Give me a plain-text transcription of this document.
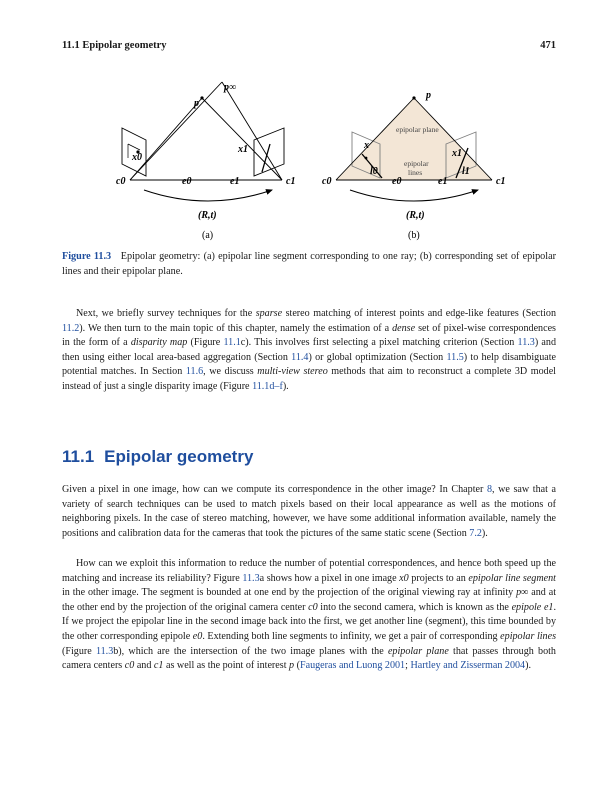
11.1 Epipolar geometry	471
p∞
p
x0
x1
c0	e0	e1	c1
(R,t)
(a)
p
epipolar plane
epipolar
lines
x
l0
x1
l1
c0	e0	e1	c1
(R,t)
(b)
Figure 11.3 Epipolar geometry: (a) epipolar line segment corresponding to one ray; (b) corresponding set of epipolar lines and their epipolar plane.

Next, we briefly survey techniques for the sparse stereo matching of interest points and edge-like features (Section 11.2). We then turn to the main topic of this chapter, namely the estimation of a dense set of pixel-wise correspondences in the form of a disparity map (Figure 11.1c). This involves first selecting a pixel matching criterion (Section 11.3) and then using either local area-based aggregation (Section 11.4) or global optimization (Section 11.5) to help disambiguate potential matches. In Section 11.6, we discuss multi-view stereo methods that aim to reconstruct a complete 3D model instead of just a single disparity image (Figure 11.1d–f).

11.1 Epipolar geometry

Given a pixel in one image, how can we compute its correspondence in the other image? In Chapter 8, we saw that a variety of search techniques can be used to match pixels based on their local appearance as well as the motions of neighboring pixels. In the case of stereo matching, however, we have some additional information available, namely the positions and calibration data for the cameras that took the pictures of the same static scene (Section 7.2).

How can we exploit this information to reduce the number of potential correspondences, and hence both speed up the matching and increase its reliability? Figure 11.3a shows how a pixel in one image x0 projects to an epipolar line segment in the other image. The segment is bounded at one end by the projection of the original viewing ray at infinity p∞ and at the other end by the projection of the original camera center c0 into the second camera, which is known as the epipole e1. If we project the epipolar line in the second image back into the first, we get another line (segment), this time bounded by the other corresponding epipole e0. Extending both line segments to infinity, we get a pair of corresponding epipolar lines (Figure 11.3b), which are the intersection of the two image planes with the epipolar plane that passes through both camera centers c0 and c1 as well as the point of interest p (Faugeras and Luong 2001; Hartley and Zisserman 2004).
